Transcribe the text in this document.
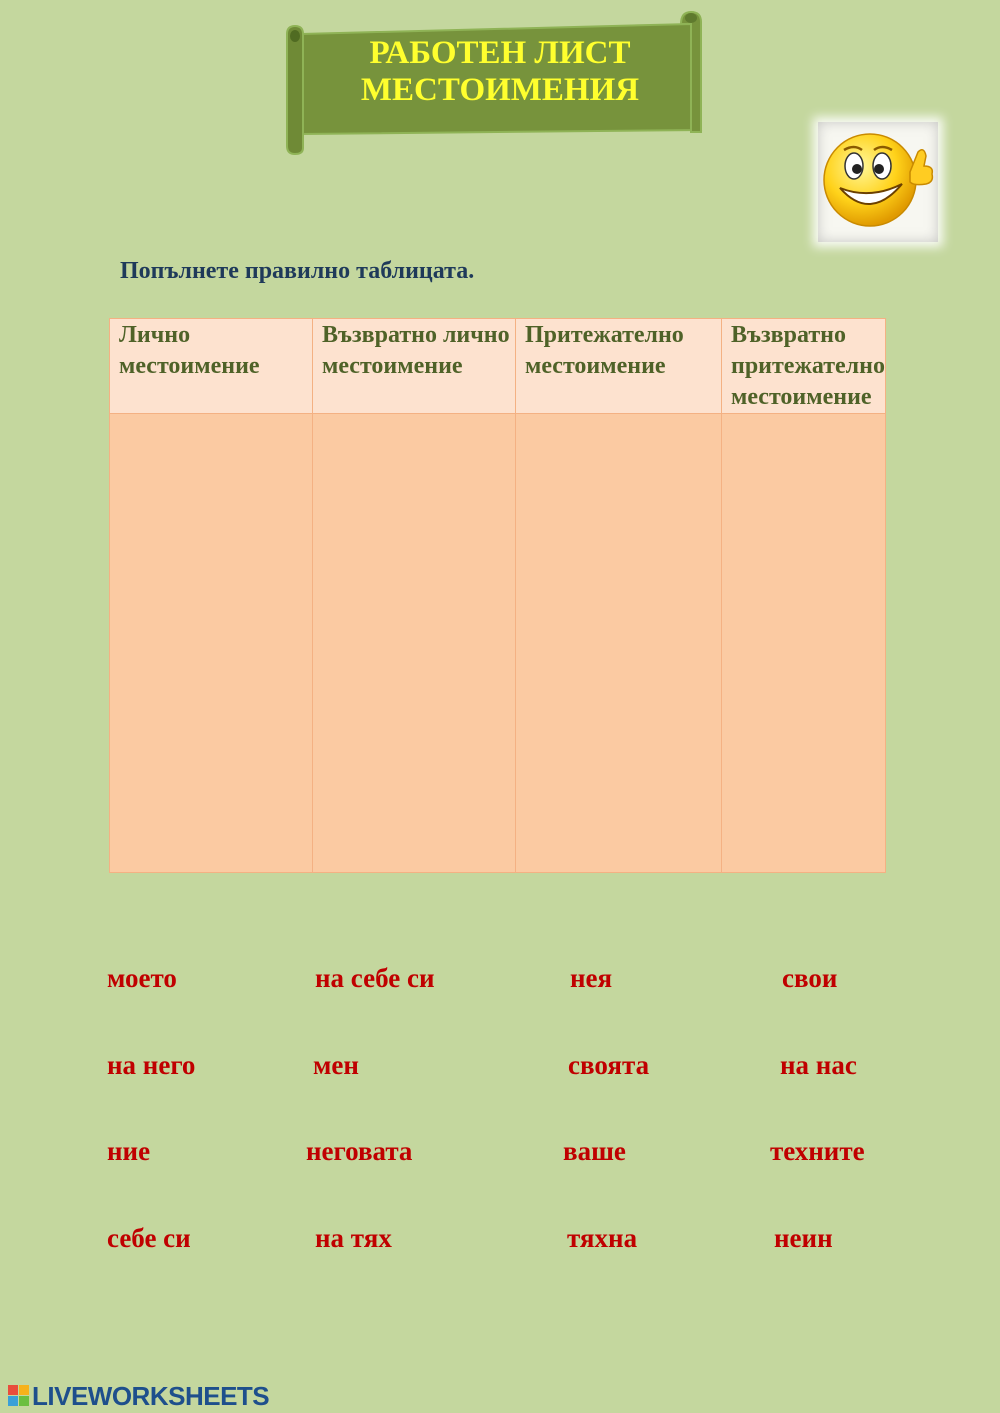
РАБОТЕН ЛИСТ
МЕСТОИМЕНИЯ
Попълнете правилно таблицата.
Лично местоимение	Възвратно лично местоимение	Притежателно местоимение	Възвратно притежателно местоимение

моето	на себе си	нея	свои
на него	мен	своята	на нас
ние	неговата	ваше	техните
себе си	на тях	тяхна	неин
LIVEWORKSHEETS
